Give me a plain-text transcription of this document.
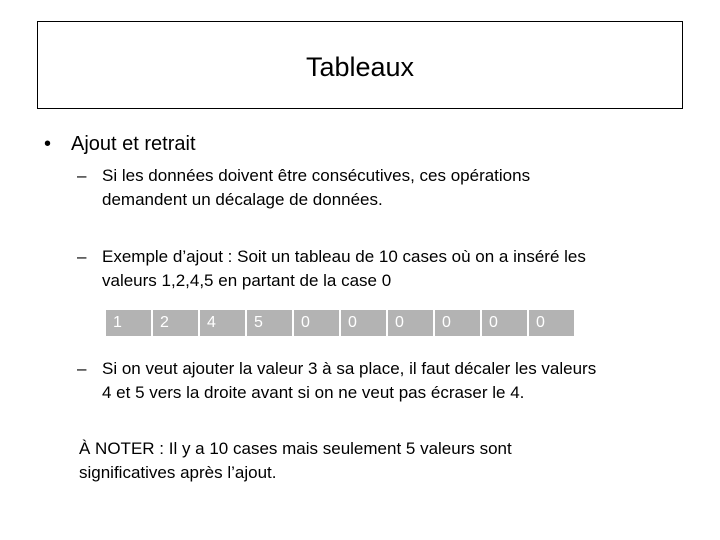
Tableaux
• Ajout et retrait
– Si les données doivent être consécutives, ces opérations
demandent un décalage de données.
– Exemple d’ajout : Soit un tableau de 10 cases où on a inséré les
valeurs 1,2,4,5 en partant de la case 0
1	2	4	5	0	0	0	0	0	0
– Si on veut ajouter la valeur 3 à sa place, il faut décaler les valeurs
4 et 5 vers la droite avant si on ne veut pas écraser le 4.
À NOTER : Il y a 10 cases mais seulement 5 valeurs sont
significatives après l’ajout.
